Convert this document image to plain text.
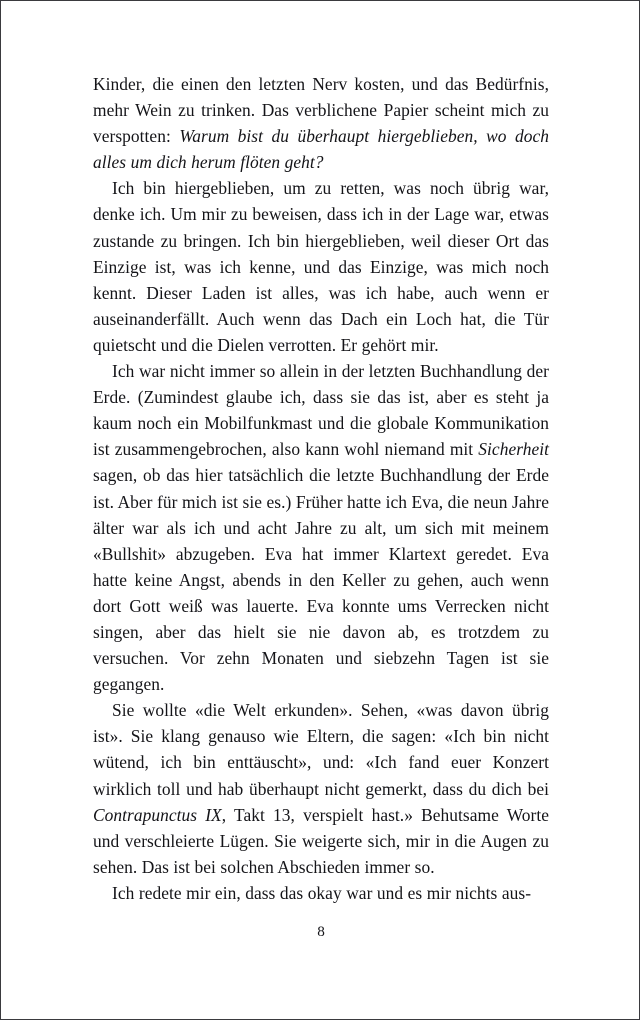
Kinder, die einen den letzten Nerv kosten, und das Bedürfnis, mehr Wein zu trinken. Das verblichene Papier scheint mich zu verspotten: Warum bist du überhaupt hiergeblieben, wo doch alles um dich herum flöten geht?

Ich bin hiergeblieben, um zu retten, was noch übrig war, denke ich. Um mir zu beweisen, dass ich in der Lage war, etwas zustande zu bringen. Ich bin hiergeblieben, weil dieser Ort das Einzige ist, was ich kenne, und das Einzige, was mich noch kennt. Dieser Laden ist alles, was ich habe, auch wenn er auseinanderfällt. Auch wenn das Dach ein Loch hat, die Tür quietscht und die Dielen verrotten. Er gehört mir.

Ich war nicht immer so allein in der letzten Buchhandlung der Erde. (Zumindest glaube ich, dass sie das ist, aber es steht ja kaum noch ein Mobilfunkmast und die globale Kommunikation ist zusammengebrochen, also kann wohl niemand mit Sicherheit sagen, ob das hier tatsächlich die letzte Buchhandlung der Erde ist. Aber für mich ist sie es.) Früher hatte ich Eva, die neun Jahre älter war als ich und acht Jahre zu alt, um sich mit meinem «Bullshit» abzugeben. Eva hat immer Klartext geredet. Eva hatte keine Angst, abends in den Keller zu gehen, auch wenn dort Gott weiß was lauerte. Eva konnte ums Verrecken nicht singen, aber das hielt sie nie davon ab, es trotzdem zu versuchen. Vor zehn Monaten und siebzehn Tagen ist sie gegangen.

Sie wollte «die Welt erkunden». Sehen, «was davon übrig ist». Sie klang genauso wie Eltern, die sagen: «Ich bin nicht wütend, ich bin enttäuscht», und: «Ich fand euer Konzert wirklich toll und hab überhaupt nicht gemerkt, dass du dich bei Contrapunctus IX, Takt 13, verspielt hast.» Behutsame Worte und verschleierte Lügen. Sie weigerte sich, mir in die Augen zu sehen. Das ist bei solchen Abschieden immer so.

Ich redete mir ein, dass das okay war und es mir nichts aus-

8
